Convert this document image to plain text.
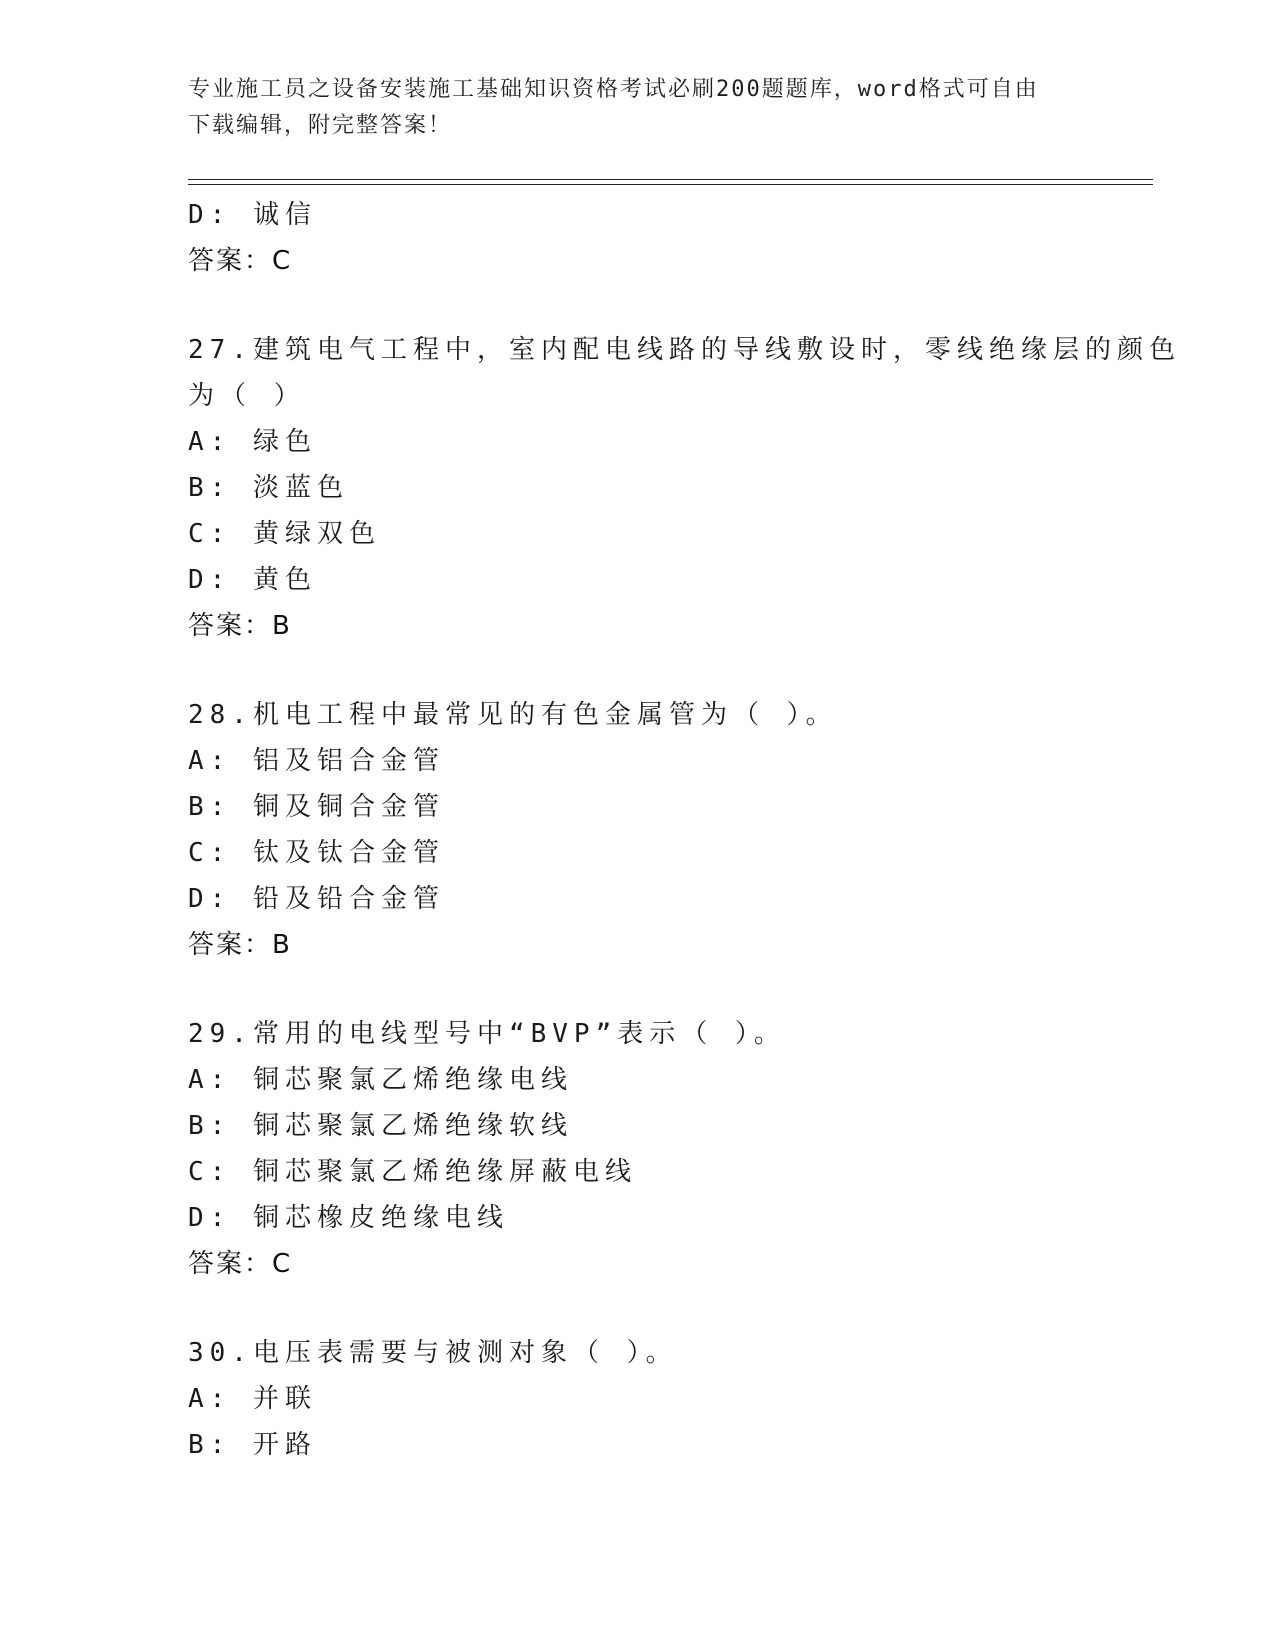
专业施工员之设备安装施工基础知识资格考试必刷200题题库，word格式可自由
下载编辑，附完整答案！
D: 诚信
答案：C
27.建筑电气工程中，室内配电线路的导线敷设时，零线绝缘层的颜色
为（ ）
A: 绿色
B: 淡蓝色
C: 黄绿双色
D: 黄色
答案：B
28.机电工程中最常见的有色金属管为（ ）。
A: 铝及铝合金管
B: 铜及铜合金管
C: 钛及钛合金管
D: 铅及铅合金管
答案：B
29.常用的电线型号中“BVP”表示（ ）。
A: 铜芯聚氯乙烯绝缘电线
B: 铜芯聚氯乙烯绝缘软线
C: 铜芯聚氯乙烯绝缘屏蔽电线
D: 铜芯橡皮绝缘电线
答案：C
30.电压表需要与被测对象（ ）。
A: 并联
B: 开路
